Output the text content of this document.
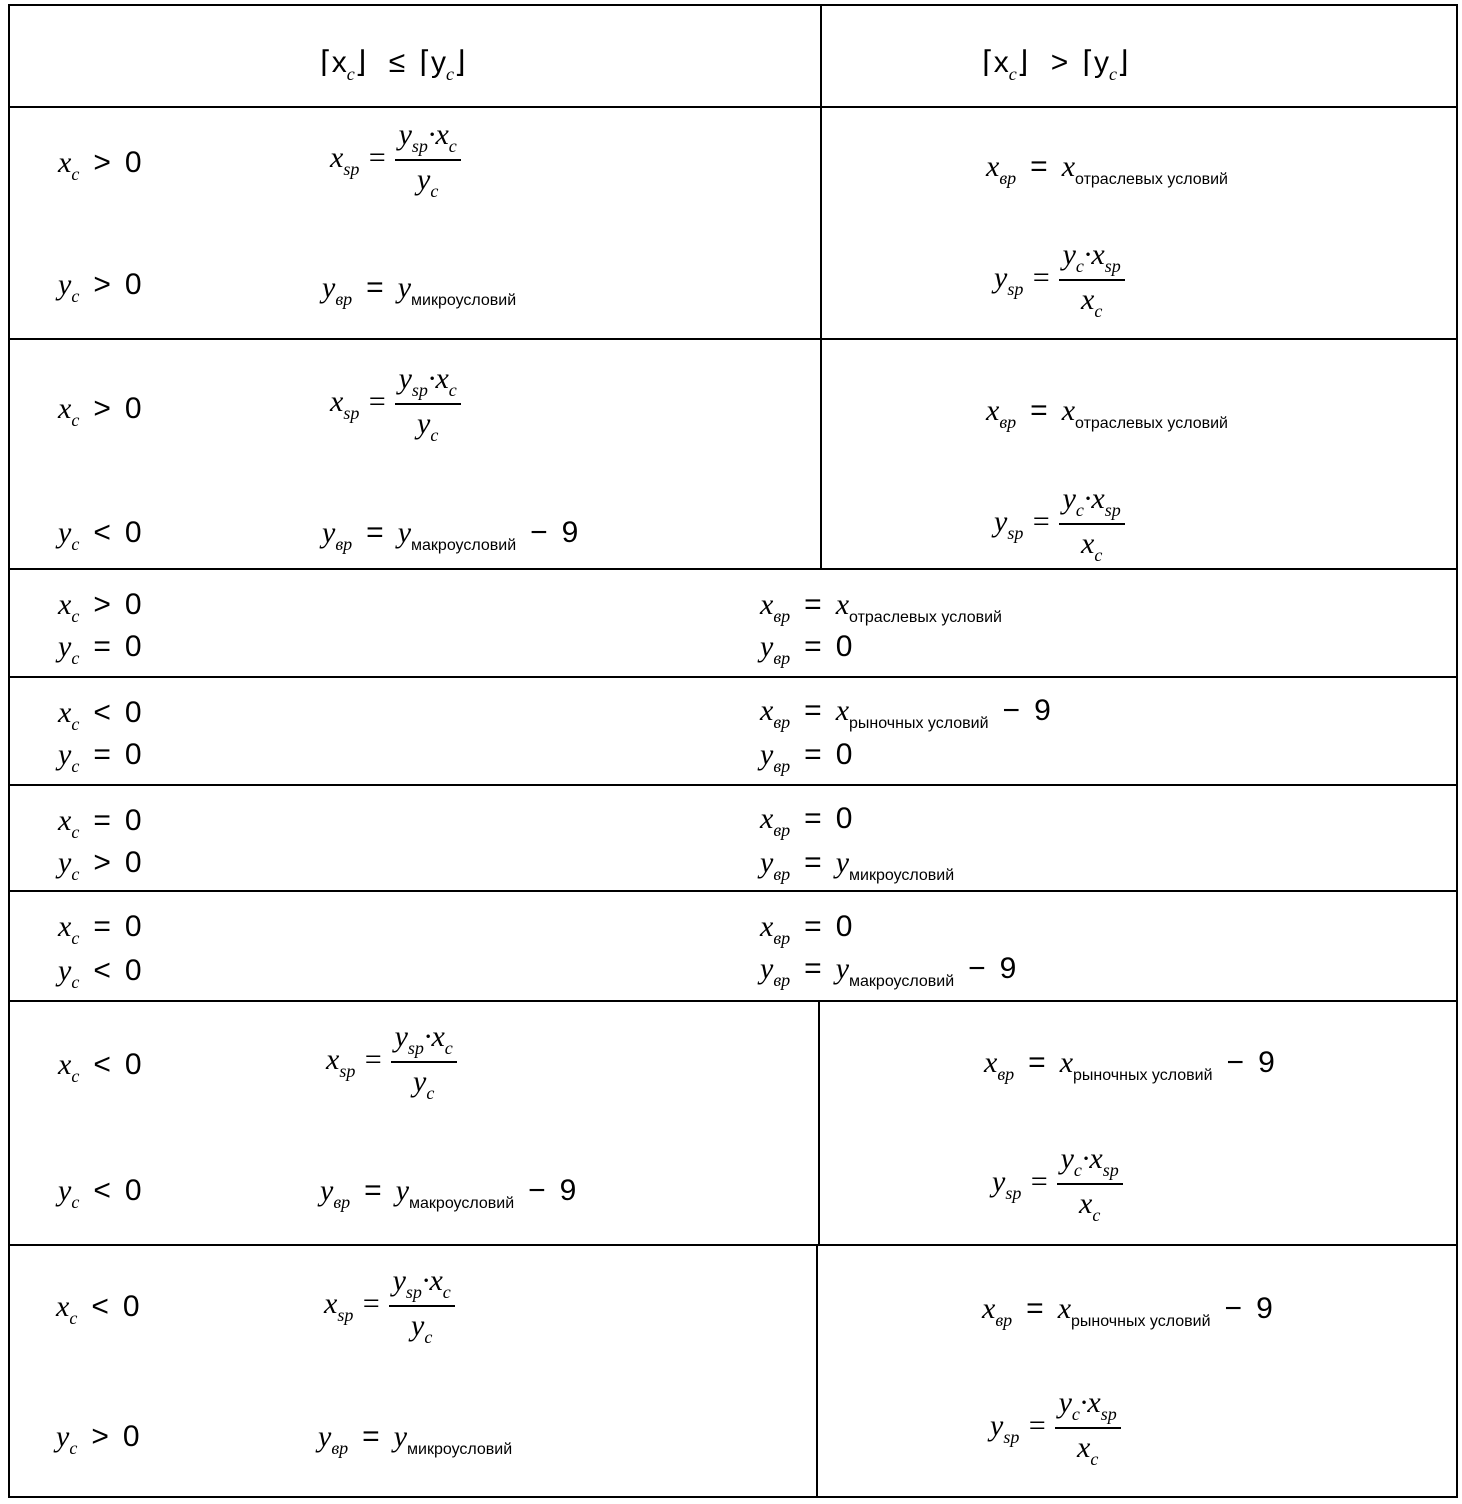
$⌈x_c⌋$ ≤ $⌈y_c⌋$	$⌈x_c⌋$ > $⌈y_c⌋$
$x_c > 0$
$y_c > 0$
$x_{sp} = \frac{y_{sp}\cdot x_c}{y_c}$
$y_{вр} = y_{микроусловий}$
$x_{вр} = x_{отраслевых условий}$
$y_{sp} = \frac{y_c\cdot x_{sp}}{x_c}$
$x_c > 0$
$y_c < 0$
$x_{sp} = \frac{y_{sp}\cdot x_c}{y_c}$
$y_{вр} = y_{макроусловий} - 9$
$x_{вр} = x_{отраслевых условий}$
$y_{sp} = \frac{y_c\cdot x_{sp}}{x_c}$
$x_c > 0$
$y_c = 0$
$x_{вр} = x_{отраслевых условий}$
$y_{вр} = 0$
$x_c < 0$
$y_c = 0$
$x_{вр} = x_{рыночных условий} - 9$
$y_{вр} = 0$
$x_c = 0$
$y_c > 0$
$x_{вр} = 0$
$y_{вр} = y_{микроусловий}$
$x_c = 0$
$y_c < 0$
$x_{вр} = 0$
$y_{вр} = y_{макроусловий} - 9$
$x_c < 0$
$y_c < 0$
$x_{sp} = \frac{y_{sp}\cdot x_c}{y_c}$
$y_{вр} = y_{макроусловий} - 9$
$x_{вр} = x_{рыночных условий} - 9$
$y_{sp} = \frac{y_c\cdot x_{sp}}{x_c}$
$x_c < 0$
$y_c > 0$
$x_{sp} = \frac{y_{sp}\cdot x_c}{y_c}$
$y_{вр} = y_{микроусловий}$
$x_{вр} = x_{рыночных условий} - 9$
$y_{sp} = \frac{y_c\cdot x_{sp}}{x_c}$
